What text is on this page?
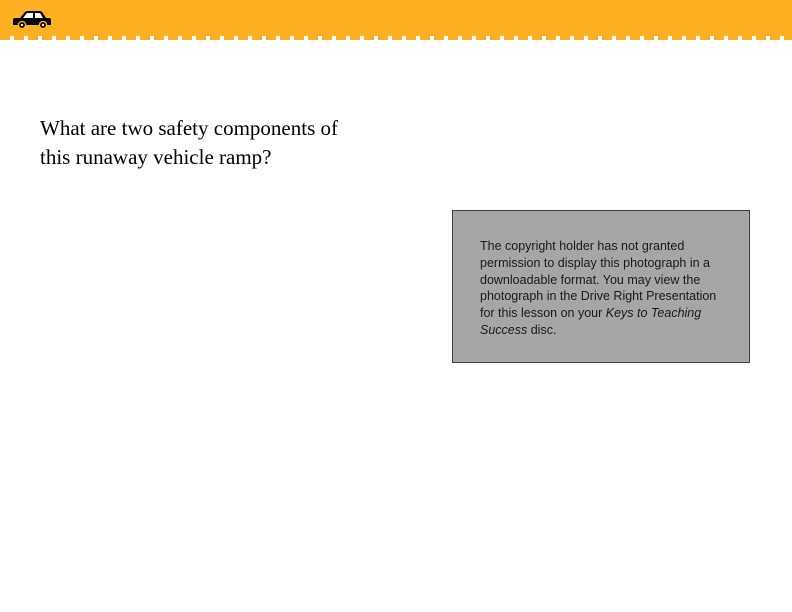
What are two safety components of this runaway vehicle ramp?

The copyright holder has not granted permission to display this photograph in a downloadable format. You may view the photograph in the Drive Right Presentation for this lesson on your Keys to Teaching Success disc.
